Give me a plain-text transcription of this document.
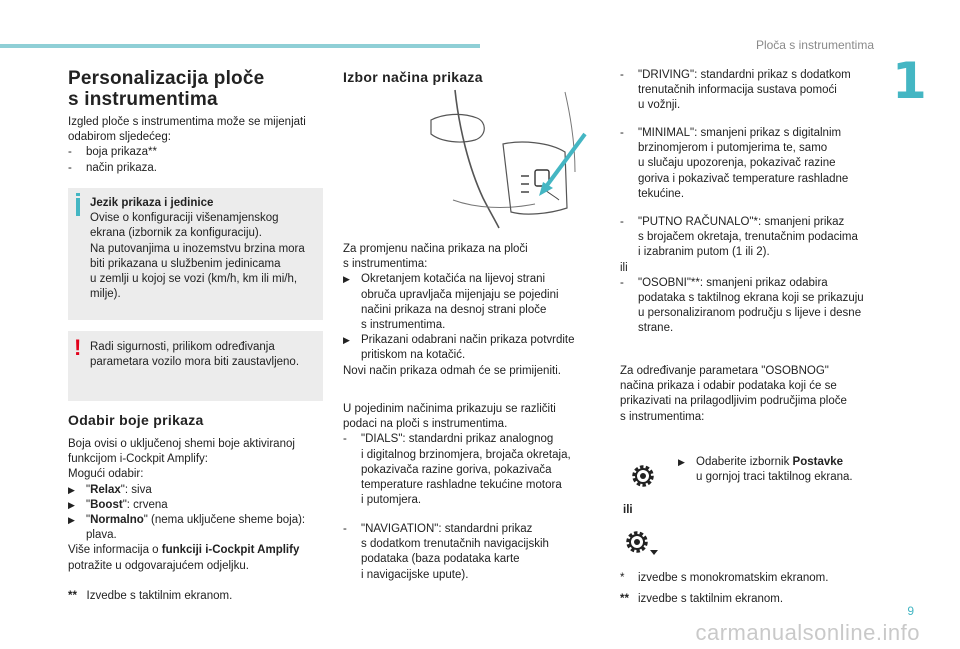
Ploča s instrumentima
1
9
carmanualsonline.info
Personalizacija ploče
s instrumentima

Izgled ploče s instrumentima može se mijenjati

odabirom sljedećeg:

- boja prikaza**

- način prikaza.

Jezik prikaza i jedinice

Ovise o konfiguraciji višenamjenskog

ekrana (izbornik za konfiguraciju).

Na putovanjima u inozemstvu brzina mora

biti prikazana u službenim jedinicama

u zemlji u kojoj se vozi (km/h, km ili mi/h,

milje).

! Radi sigurnosti, prilikom određivanja

parametara vozilo mora biti zaustavljeno.

Odabir boje prikaza

Boja ovisi o uključenoj shemi boje aktiviranoj

funkcijom i-Cockpit Amplify:

Mogući odabir:

▶ "Relax": siva

▶ "Boost": crvena

▶ "Normalno" (nema uključene sheme boja):

plava.

Više informacija o funkciji i-Cockpit Amplify

potražite u odgovarajućem odjeljku.

** Izvedbe s taktilnim ekranom.
Izbor načina prikaza

Za promjenu načina prikaza na ploči

s instrumentima:

▶ Okretanjem kotačića na lijevoj strani

obruča upravljača mijenjaju se pojedini

načini prikaza na desnoj strani ploče

s instrumentima.

▶ Prikazani odabrani način prikaza potvrdite

pritiskom na kotačić.

Novi način prikaza odmah će se primijeniti.

U pojedinim načinima prikazuju se različiti

podaci na ploči s instrumentima.

- "DIALS": standardni prikaz analognog

i digitalnog brzinomjera, brojača okretaja,

pokazivača razine goriva, pokazivača

temperature rashladne tekućine motora

i putomjera.

- "NAVIGATION": standardni prikaz

s dodatkom trenutačnih navigacijskih

podataka (baza podataka karte

i navigacijske upute).

- "DRIVING": standardni prikaz s dodatkom

trenutačnih informacija sustava pomoći

u vožnji.

- "MINIMAL": smanjeni prikaz s digitalnim

brzinomjerom i putomjerima te, samo

u slučaju upozorenja, pokazivač razine

goriva i pokazivač temperature rashladne

tekućine.

- "PUTNO RAČUNALO"*: smanjeni prikaz

s brojačem okretaja, trenutačnim podacima

i izabranim putom (1 ili 2).

ili

- "OSOBNI"**: smanjeni prikaz odabira

podataka s taktilnog ekrana koji se prikazuju

u personaliziranom području s lijeve i desne

strane.

Za određivanje parametara "OSOBNOG"

načina prikaza i odabir podataka koji će se

prikazivati na prilagodljivim područjima ploče

s instrumentima:

▶ Odaberite izbornik Postavke

u gornjoj traci taktilnog ekrana.

ili
* izvedbe s monokromatskim ekranom.
** izvedbe s taktilnim ekranom.
